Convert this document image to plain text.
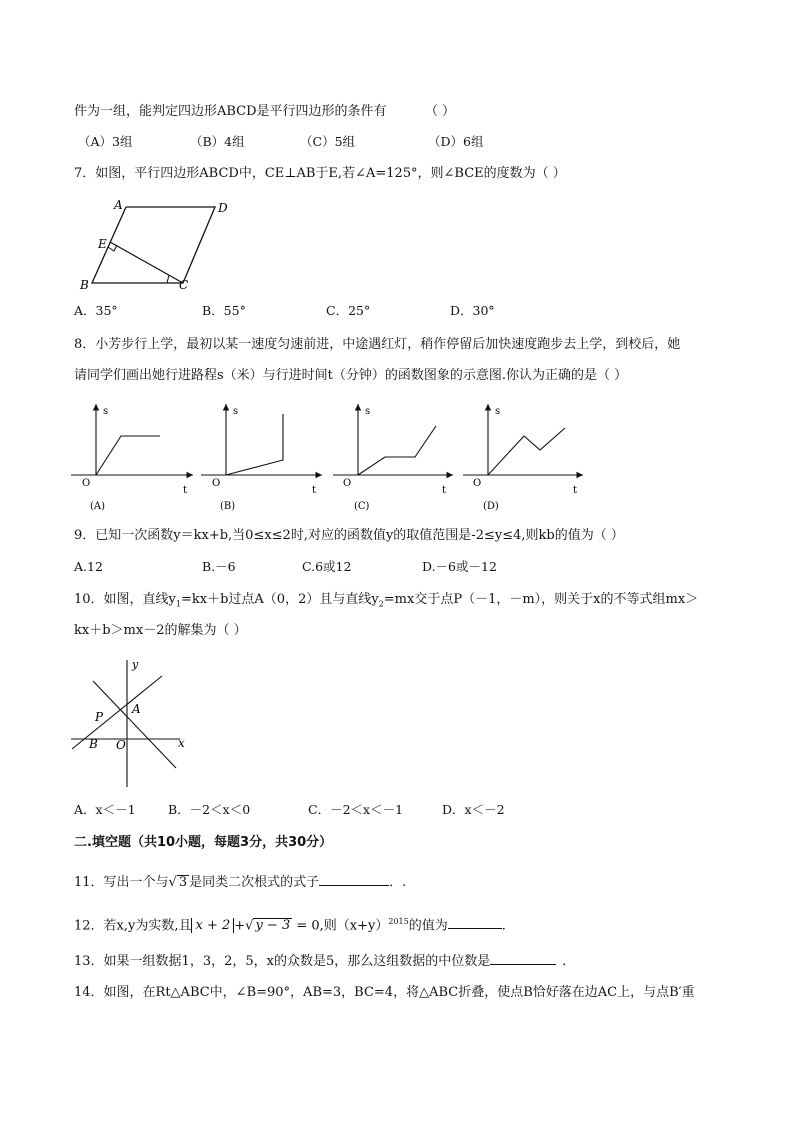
件为一组，能判定四边形ABCD是平行四边形的条件有	（ ）
（A）3组	（B）4组	（C）5组	（D）6组
7．如图，平行四边形ABCD中，CE⊥AB于E,若∠A=125°，则∠BCE的度数为（ ）
A	D
E
B	C
A．35°	B．55°	C．25°	D．30°
8．小芳步行上学，最初以某一速度匀速前进，中途遇红灯，稍作停留后加快速度跑步去上学，到校后，她
请同学们画出她行进路程s（米）与行进时间t（分钟）的函数图象的示意图.你认为正确的是（ ）
s
t
O
(A)
s
t
O
(B)
s
t
O
(C)
s
t
O
(D)
9．已知一次函数y＝kx+b,当0≤x≤2时,对应的函数值y的取值范围是-2≤y≤4,则kb的值为（ ）
A.12	B.－6	C.6或12	D.－6或－12
10．如图，直线$y_1=kx+b$过点A（0，2）且与直线$y_2=mx$交于点P（－1，－m），则关于x的不等式组mx＞
kx＋b＞mx－2的解集为（ ）
y
P
A
B O	x
A．x＜－1	B．－2＜x＜0	C．－2＜x＜－1	D．x＜－2
二.填空题（共10小题，每题3分，共30分）
11．写出一个与√ 3 是同类二次根式的式子	．.
12．若x,y为实数,且 x + 2 +√ y − 3 = 0,则$(x+y)^{2015}$的值为	.
13．如果一组数据1，3，2，5，x的众数是5，那么这组数据的中位数是	．
14．如图，在Rt△ABC中，∠B=90°，AB=3，BC=4，将△ABC折叠，使点B恰好落在边AC上，与点B′重
